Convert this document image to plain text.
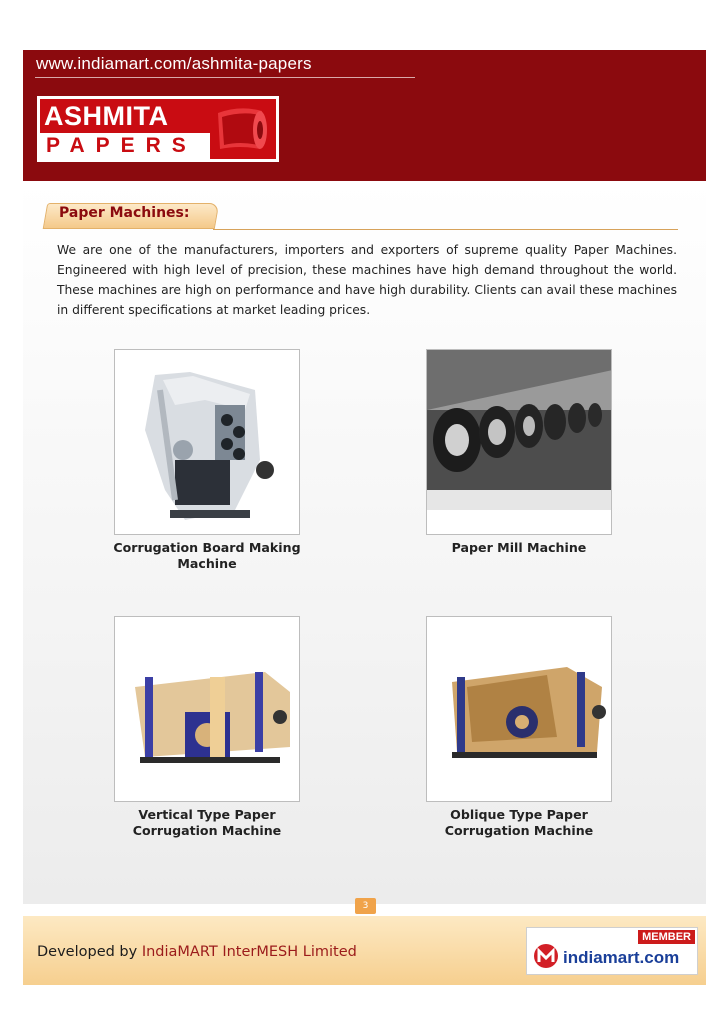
www.indiamart.com/ashmita-papers
ASHMITA
PAPERS
Paper Machines:
We are one of the manufacturers, importers and exporters of supreme quality Paper Machines. Engineered with high level of precision, these machines have high demand throughout the world. These machines are high on performance and have high durability. Clients can avail these machines in different specifications at market leading prices.
Corrugation Board Making
Machine
Paper Mill Machine
Vertical Type Paper
Corrugation Machine
Oblique Type Paper
Corrugation Machine
3
Developed by IndiaMART InterMESH Limited
MEMBER
indiamart.com
